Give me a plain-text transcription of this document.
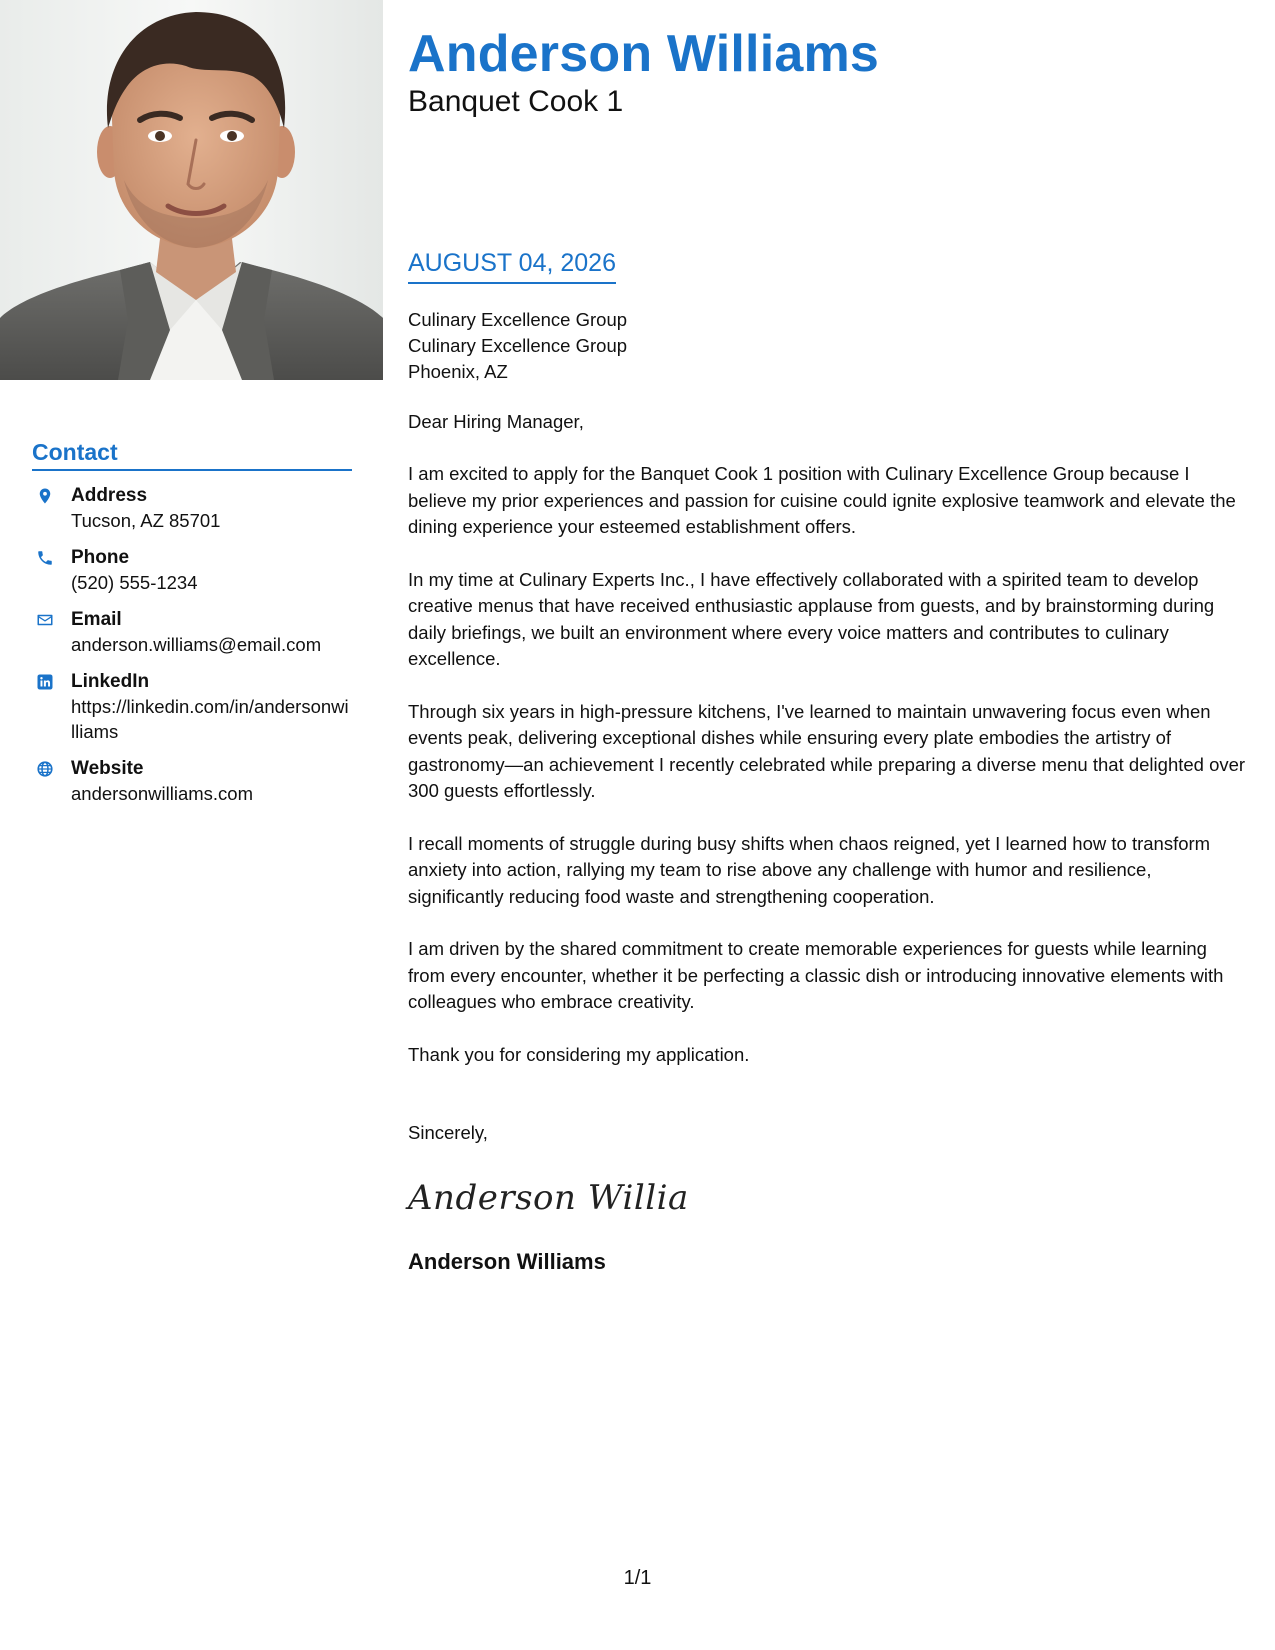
Contact
Address
Tucson, AZ 85701
Phone
(520) 555-1234
Email
anderson.williams@email.com
LinkedIn
https://linkedin.com/in/andersonwilliams
Website
andersonwilliams.com
Anderson Williams
Banquet Cook 1
AUGUST 04, 2026
Culinary Excellence Group
Culinary Excellence Group
Phoenix, AZ

Dear Hiring Manager,

I am excited to apply for the Banquet Cook 1 position with Culinary Excellence Group because I believe my prior experiences and passion for cuisine could ignite explosive teamwork and elevate the dining experience your esteemed establishment offers.

In my time at Culinary Experts Inc., I have effectively collaborated with a spirited team to develop creative menus that have received enthusiastic applause from guests, and by brainstorming during daily briefings, we built an environment where every voice matters and contributes to culinary excellence.

Through six years in high-pressure kitchens, I've learned to maintain unwavering focus even when events peak, delivering exceptional dishes while ensuring every plate embodies the artistry of gastronomy—an achievement I recently celebrated while preparing a diverse menu that delighted over 300 guests effortlessly.

I recall moments of struggle during busy shifts when chaos reigned, yet I learned how to transform anxiety into action, rallying my team to rise above any challenge with humor and resilience, significantly reducing food waste and strengthening cooperation.

I am driven by the shared commitment to create memorable experiences for guests while learning from every encounter, whether it be perfecting a classic dish or introducing innovative elements with colleagues who embrace creativity.

Thank you for considering my application.

Sincerely,

Anderson Willia
Anderson Williams
1/1
